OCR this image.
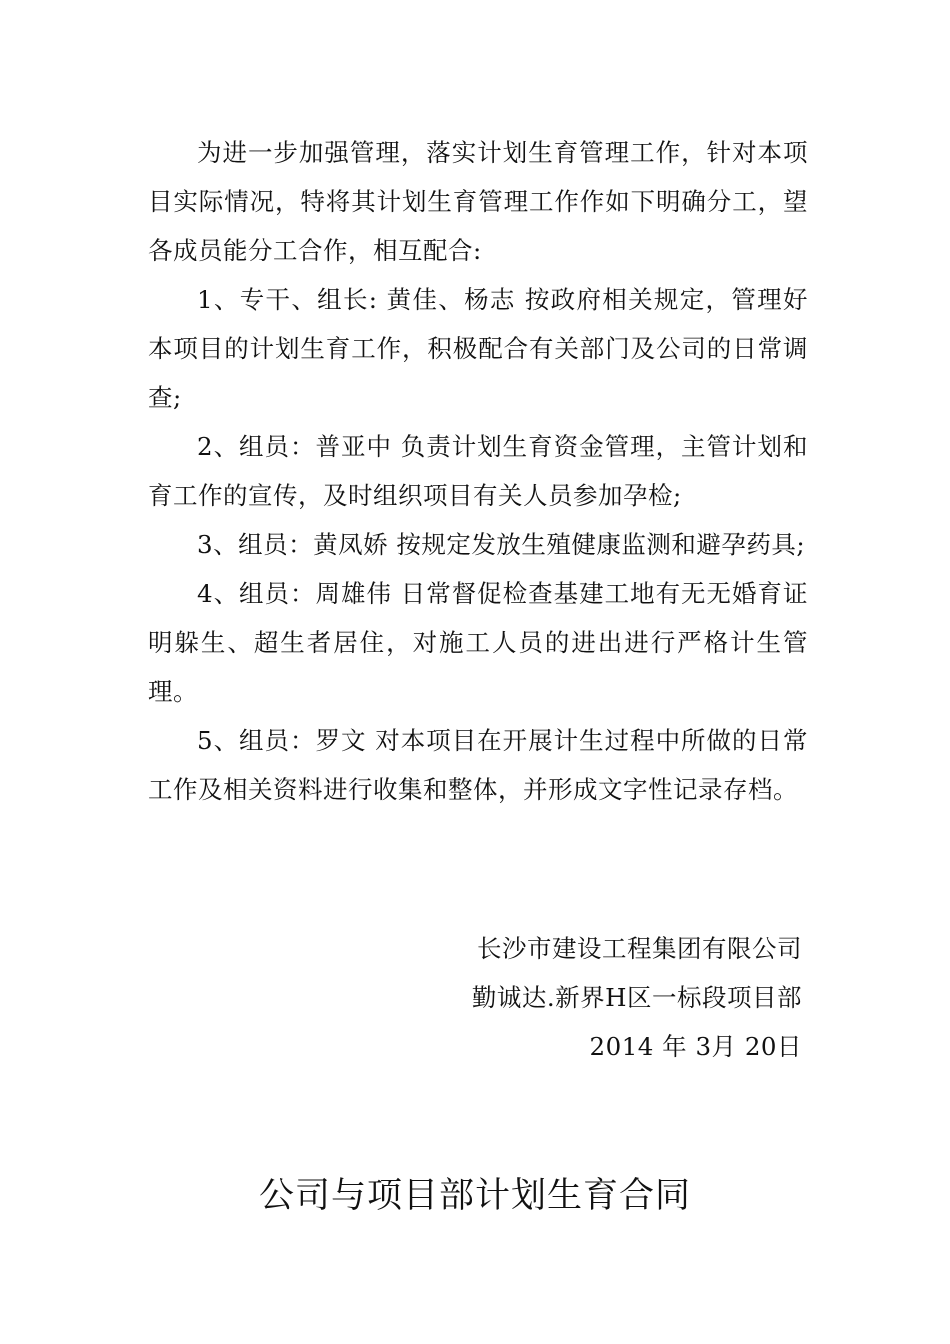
为进一步加强管理，落实计划生育管理工作，针对本项目实际情况，特将其计划生育管理工作作如下明确分工，望各成员能分工合作，相互配合:

1、专干、组长: 黄佳、杨志 按政府相关规定，管理好本项目的计划生育工作，积极配合有关部门及公司的日常调查;

2、组员：普亚中 负责计划生育资金管理，主管计划和育工作的宣传，及时组织项目有关人员参加孕检;

3、组员：黄凤娇 按规定发放生殖健康监测和避孕药具;

4、组员：周雄伟 日常督促检查基建工地有无无婚育证明躲生、超生者居住，对施工人员的进出进行严格计生管理。

5、组员：罗文 对本项目在开展计生过程中所做的日常工作及相关资料进行收集和整体，并形成文字性记录存档。

长沙市建设工程集团有限公司
勤诚达.新界H区一标段项目部
2014 年 3月 20日
公司与项目部计划生育合同
